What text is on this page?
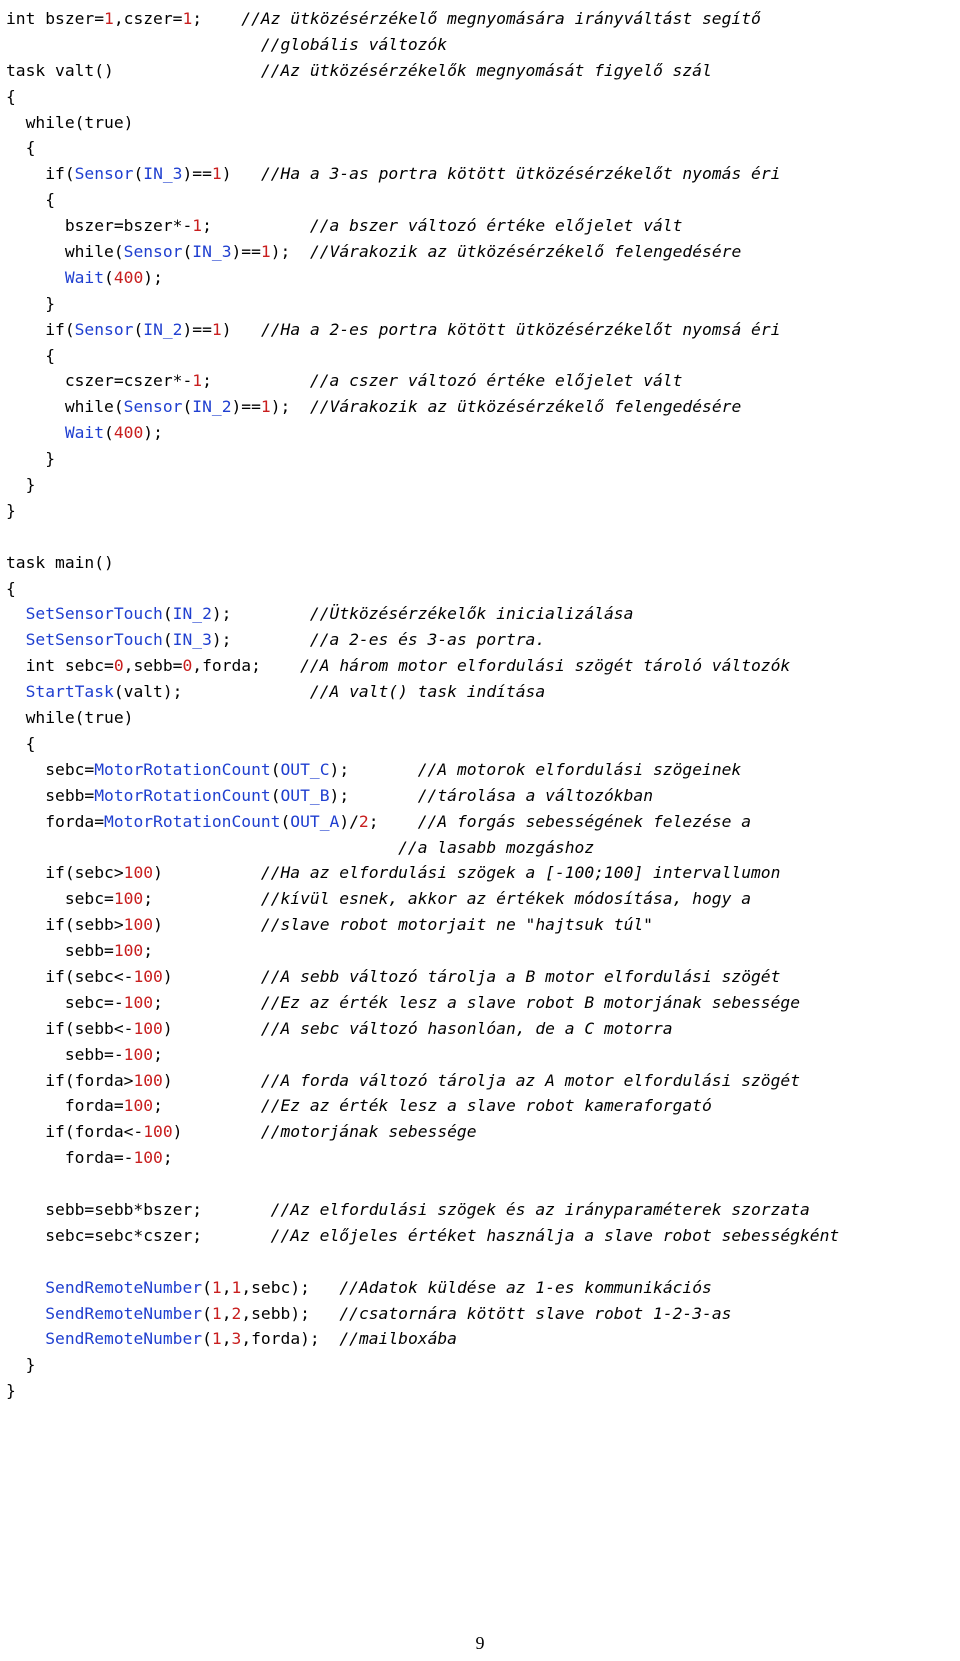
int bszer=1,cszer=1;    //Az ütközésérzékelő megnyomására irányváltást segítő
//globális változók
task valt()               //Az ütközésérzékelők megnyomását figyelő szál
{
while(true)
{
if(Sensor(IN_3)==1)   //Ha a 3-as portra kötött ütközésérzékelőt nyomás éri
{
bszer=bszer*-1;          //a bszer változó értéke előjelet vált
while(Sensor(IN_3)==1);  //Várakozik az ütközésérzékelő felengedésére
Wait(400);
}
if(Sensor(IN_2)==1)   //Ha a 2-es portra kötött ütközésérzékelőt nyomsá éri
{
cszer=cszer*-1;          //a cszer változó értéke előjelet vált
while(Sensor(IN_2)==1);  //Várakozik az ütközésérzékelő felengedésére
Wait(400);
}
}
}
task main()
{
SetSensorTouch(IN_2);        //Ütközésérzékelők inicializálása
SetSensorTouch(IN_3);        //a 2-es és 3-as portra.
int sebc=0,sebb=0,forda;    //A három motor elfordulási szögét tároló változók
StartTask(valt);             //A valt() task indítása
while(true)
{
sebc=MotorRotationCount(OUT_C);       //A motorok elfordulási szögeinek
sebb=MotorRotationCount(OUT_B);       //tárolása a változókban
forda=MotorRotationCount(OUT_A)/2;    //A forgás sebességének felezése a
//a lasabb mozgáshoz
if(sebc>100)          //Ha az elfordulási szögek a [-100;100] intervallumon
sebc=100;           //kívül esnek, akkor az értékek módosítása, hogy a
if(sebb>100)          //slave robot motorjait ne "hajtsuk túl"
sebb=100;
if(sebc<-100)         //A sebb változó tárolja a B motor elfordulási szögét
sebc=-100;          //Ez az érték lesz a slave robot B motorjának sebessége
if(sebb<-100)         //A sebc változó hasonlóan, de a C motorra
sebb=-100;
if(forda>100)         //A forda változó tárolja az A motor elfordulási szögét
forda=100;          //Ez az érték lesz a slave robot kameraforgató
if(forda<-100)        //motorjának sebessége
forda=-100;
sebb=sebb*bszer;       //Az elfordulási szögek és az irányparaméterek szorzata
sebc=sebc*cszer;       //Az előjeles értéket használja a slave robot sebességként
SendRemoteNumber(1,1,sebc);   //Adatok küldése az 1-es kommunikációs
SendRemoteNumber(1,2,sebb);   //csatornára kötött slave robot 1-2-3-as
SendRemoteNumber(1,3,forda);  //mailboxába
}
}
9
